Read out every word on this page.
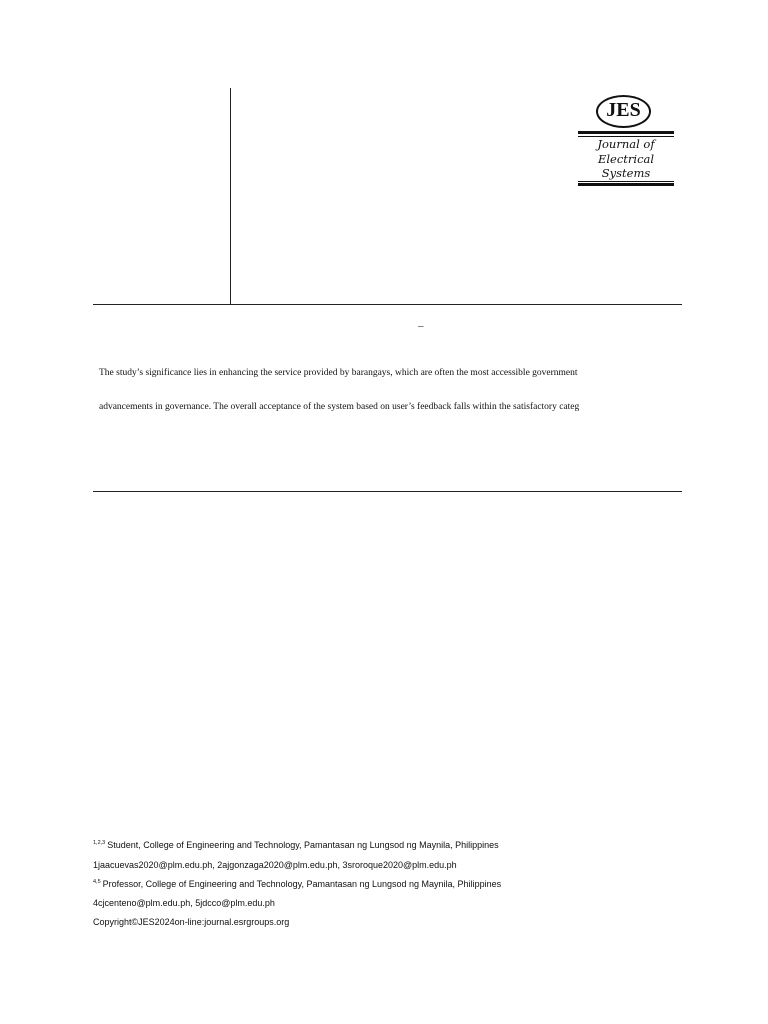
JES
Journal of
Electrical
Systems
–
The study’s significance lies in enhancing the service provided by barangays, which are often the most accessible government
advancements in governance. The overall acceptance of the system based on user’s feedback falls within the satisfactory categ
$^{1,2,3}$ Student, College of Engineering and Technology, Pamantasan ng Lungsod ng Maynila, Philippines
1jaacuevas2020@plm.edu.ph, 2ajgonzaga2020@plm.edu.ph, 3sroroque2020@plm.edu.ph
$^{4,5}$ Professor, College of Engineering and Technology, Pamantasan ng Lungsod ng Maynila, Philippines
4cjcenteno@plm.edu.ph, 5jdcco@plm.edu.ph
Copyright©JES2024on-line:journal.esrgroups.org
